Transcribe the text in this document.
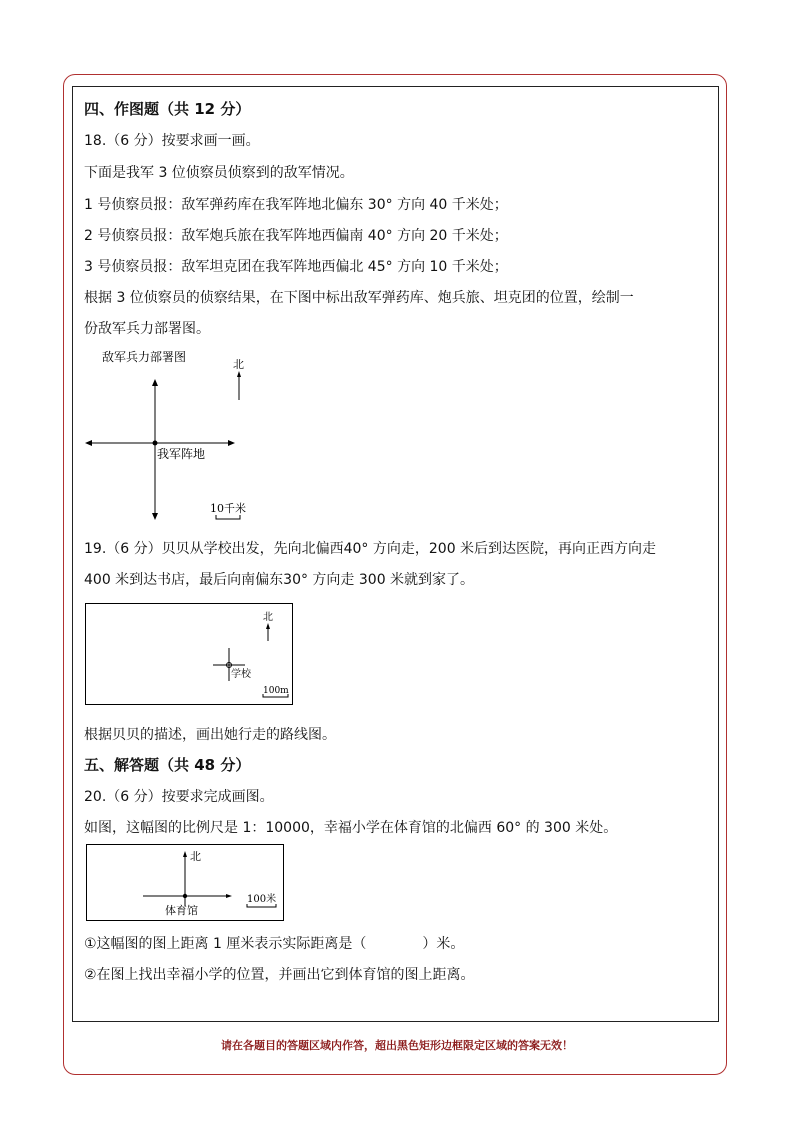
四、作图题（共 12 分）
18.（6 分）按要求画一画。
下面是我军 3 位侦察员侦察到的敌军情况。
1 号侦察员报：敌军弹药库在我军阵地北偏东 30° 方向 40 千米处；
2 号侦察员报：敌军炮兵旅在我军阵地西偏南 40° 方向 20 千米处；
3 号侦察员报：敌军坦克团在我军阵地西偏北 45° 方向 10 千米处；
根据 3 位侦察员的侦察结果，在下图中标出敌军弹药库、炮兵旅、坦克团的位置，绘制一
份敌军兵力部署图。
敌军兵力部署图
北
我军阵地
10千米
19.（6 分）贝贝从学校出发，先向北偏西40° 方向走，200 米后到达医院，再向正西方向走
400 米到达书店，最后向南偏东30° 方向走 300 米就到家了。
北
学校
100m
根据贝贝的描述，画出她行走的路线图。
五、解答题（共 48 分）
20.（6 分）按要求完成画图。
如图，这幅图的比例尺是 1：10000，幸福小学在体育馆的北偏西 60° 的 300 米处。
北
体育馆
100米
①这幅图的图上距离 1 厘米表示实际距离是（　　　　）米。
②在图上找出幸福小学的位置，并画出它到体育馆的图上距离。
请在各题目的答题区域内作答，超出黑色矩形边框限定区域的答案无效！
